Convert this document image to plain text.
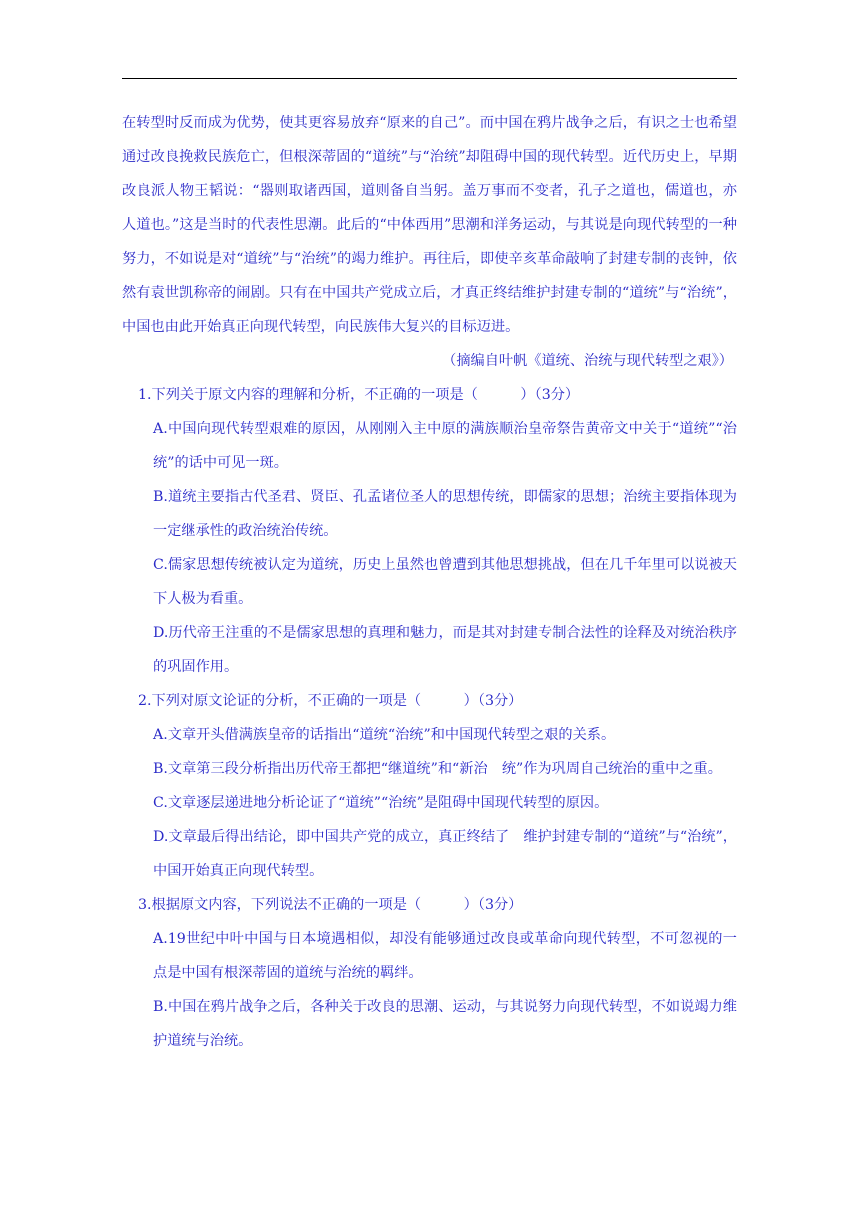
在转型时反而成为优势，使其更容易放弃“原来的自己”。而中国在鸦片战争之后，有识之士也希望通过改良挽救民族危亡，但根深蒂固的“道统”与“治统”却阻碍中国的现代转型。近代历史上，早期改良派人物王韬说：“器则取诸西国，道则备自当躬。盖万事而不变者，孔子之道也，儒道也，亦人道也。”这是当时的代表性思潮。此后的“中体西用”思潮和洋务运动，与其说是向现代转型的一种努力，不如说是对“道统”与“治统”的竭力维护。再往后，即使辛亥革命敲响了封建专制的丧钟，依然有袁世凯称帝的闹剧。只有在中国共产党成立后，才真正终结维护封建专制的“道统”与“治统”，中国也由此开始真正向现代转型，向民族伟大复兴的目标迈进。

（摘编自叶帆《道统、治统与现代转型之艰》）

1.下列关于原文内容的理解和分析，不正确的一项是（　　　）（3分）

A.中国向现代转型艰难的原因，从刚刚入主中原的满族顺治皇帝祭告黄帝文中关于“道统”“治统”的话中可见一斑。

B.道统主要指古代圣君、贤臣、孔孟诸位圣人的思想传统，即儒家的思想；治统主要指体现为一定继承性的政治统治传统。

C.儒家思想传统被认定为道统，历史上虽然也曾遭到其他思想挑战，但在几千年里可以说被天下人极为看重。

D.历代帝王注重的不是儒家思想的真理和魅力，而是其对封建专制合法性的诠释及对统治秩序的巩固作用。

2.下列对原文论证的分析，不正确的一项是（　　　）（3分）

A.文章开头借满族皇帝的话指出“道统“治统”和中国现代转型之艰的关系。

B.文章第三段分析指出历代帝王都把“继道统”和“新治　统”作为巩周自己统治的重中之重。

C.文章逐层递进地分析论证了“道统”“治统”是阻碍中国现代转型的原因。

D.文章最后得出结论，即中国共产党的成立，真正终结了　维护封建专制的“道统”与“治统”，中国开始真正向现代转型。

3.根据原文内容，下列说法不正确的一项是（　　　）（3分）

A.19世纪中叶中国与日本境遇相似，却没有能够通过改良或革命向现代转型，不可忽视的一点是中国有根深蒂固的道统与治统的羁绊。

B.中国在鸦片战争之后，各种关于改良的思潮、运动，与其说努力向现代转型，不如说竭力维护道统与治统。
